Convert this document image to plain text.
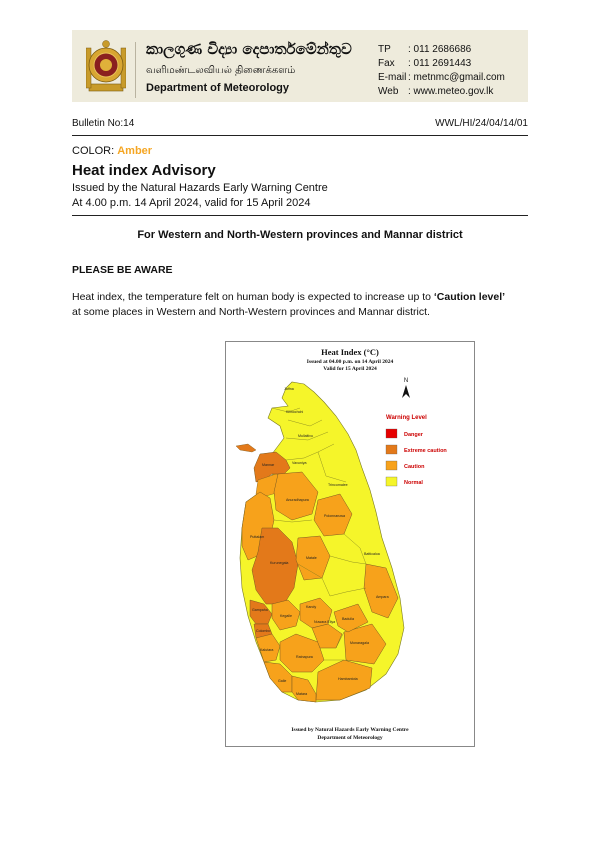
කාලගුණ විද්‍යා දෙපාර්තමේන්තුව
வளிமண்டலவியல் திணைக்களம்
Department of Meteorology
TP : 011 2686686
Fax : 011 2691443
E-mail : metnmc@gmail.com
Web : www.meteo.gov.lk
Bulletin No:14	WWL/HI/24/04/14/01
COLOR: Amber
Heat index Advisory
Issued by the Natural Hazards Early Warning Centre
At 4.00 p.m. 14 April 2024, valid for 15 April 2024
For Western and North-Western provinces and Mannar district
PLEASE BE AWARE
Heat index, the temperature felt on human body is expected to increase up to ‘Caution level’
at some places in Western and North-Western provinces and Mannar district.
Heat Index (°C)
Issued at 04.00 p.m. on 14 April 2024
Valid for 15 April 2024
Jaffna
Kilinochchi
Mullaitivu
Mannar	Vavuniya
Trincomalee
Anuradhapura
Puttalam
Polonnaruwa
Batticaloa
Kurunegala
Matale
Ampara
Kandy
Gampaha
Kegalle
Badulla
Colombo
Nuwara Eliya
Monaragala
Kalutara
Ratnapura
Hambantota
Galle
Matara
N
Warning Level
Danger
Extreme caution
Caution
Normal
Issued by Natural Hazards Early Warning Centre
Department of Meteorology
